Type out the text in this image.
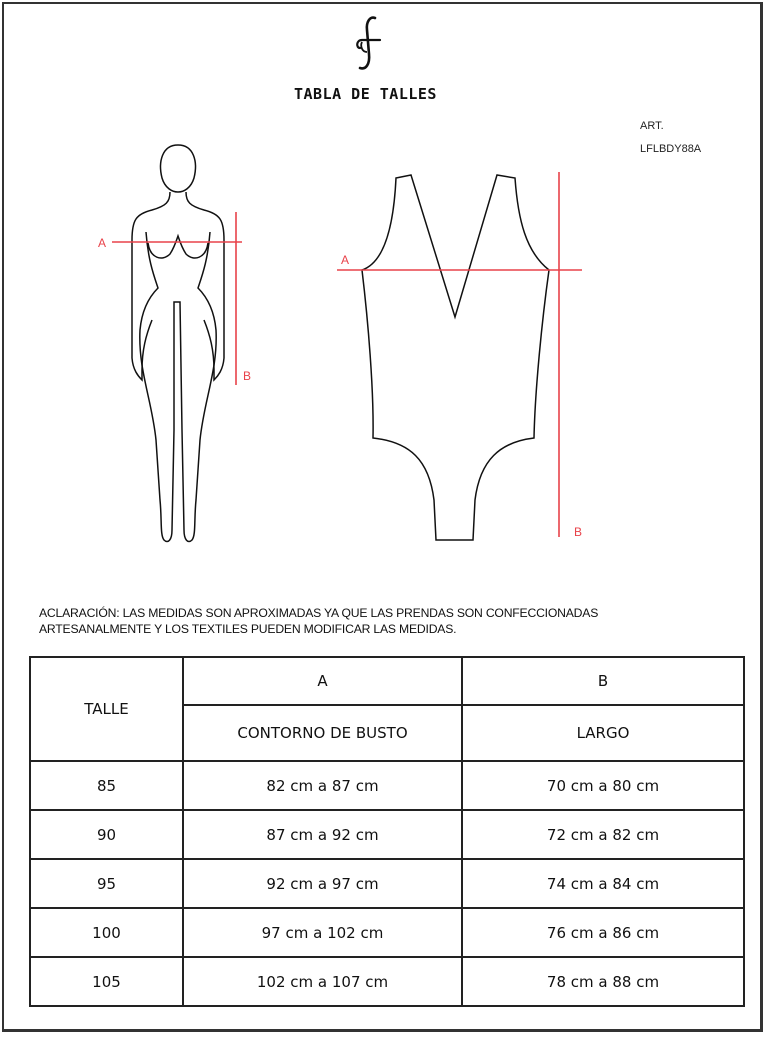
TABLA DE TALLES
ART.
LFLBDY88A
A
B
A
B
ACLARACIÓN: LAS MEDIDAS SON APROXIMADAS YA QUE LAS PRENDAS SON CONFECCIONADAS
ARTESANALMENTE Y LOS TEXTILES PUEDEN MODIFICAR LAS MEDIDAS.
TALLE	A	B
	CONTORNO DE BUSTO	LARGO
85	82 cm a 87 cm	70 cm a 80 cm
90	87 cm a 92 cm	72 cm a 82 cm
95	92 cm a 97 cm	74 cm a 84 cm
100	97 cm a 102 cm	76 cm a 86 cm
105	102 cm a 107 cm	78 cm a 88 cm
